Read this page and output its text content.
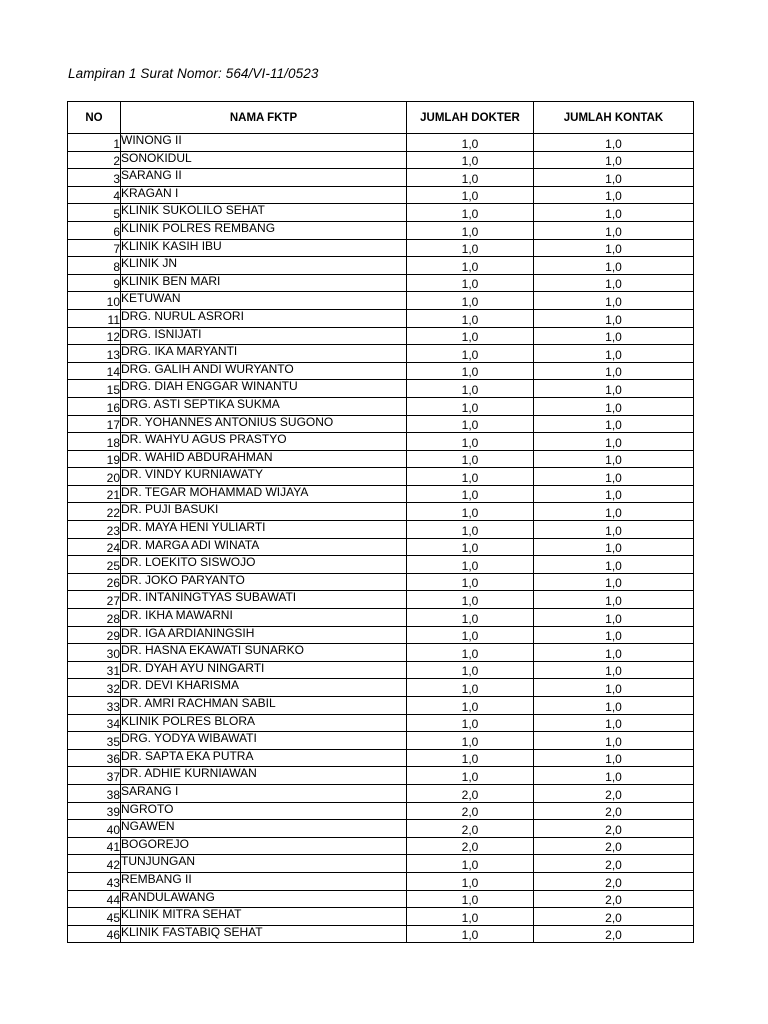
Lampiran 1 Surat Nomor: 564/VI-11/0523
NO	NAMA FKTP	JUMLAH DOKTER	JUMLAH KONTAK
1	WINONG II	1,0	1,0
2	SONOKIDUL	1,0	1,0
3	SARANG II	1,0	1,0
4	KRAGAN I	1,0	1,0
5	KLINIK SUKOLILO SEHAT	1,0	1,0
6	KLINIK POLRES REMBANG	1,0	1,0
7	KLINIK KASIH IBU	1,0	1,0
8	KLINIK JN	1,0	1,0
9	KLINIK BEN MARI	1,0	1,0
10	KETUWAN	1,0	1,0
11	DRG. NURUL ASRORI	1,0	1,0
12	DRG. ISNIJATI	1,0	1,0
13	DRG. IKA MARYANTI	1,0	1,0
14	DRG. GALIH ANDI WURYANTO	1,0	1,0
15	DRG. DIAH ENGGAR WINANTU	1,0	1,0
16	DRG. ASTI SEPTIKA SUKMA	1,0	1,0
17	DR. YOHANNES ANTONIUS SUGONO	1,0	1,0
18	DR. WAHYU AGUS PRASTYO	1,0	1,0
19	DR. WAHID ABDURAHMAN	1,0	1,0
20	DR. VINDY KURNIAWATY	1,0	1,0
21	DR. TEGAR MOHAMMAD WIJAYA	1,0	1,0
22	DR. PUJI BASUKI	1,0	1,0
23	DR. MAYA HENI YULIARTI	1,0	1,0
24	DR. MARGA ADI WINATA	1,0	1,0
25	DR. LOEKITO SISWOJO	1,0	1,0
26	DR. JOKO PARYANTO	1,0	1,0
27	DR. INTANINGTYAS SUBAWATI	1,0	1,0
28	DR. IKHA MAWARNI	1,0	1,0
29	DR. IGA ARDIANINGSIH	1,0	1,0
30	DR. HASNA EKAWATI SUNARKO	1,0	1,0
31	DR. DYAH AYU NINGARTI	1,0	1,0
32	DR. DEVI KHARISMA	1,0	1,0
33	DR. AMRI RACHMAN SABIL	1,0	1,0
34	KLINIK POLRES BLORA	1,0	1,0
35	DRG. YODYA WIBAWATI	1,0	1,0
36	DR. SAPTA EKA PUTRA	1,0	1,0
37	DR. ADHIE KURNIAWAN	1,0	1,0
38	SARANG I	2,0	2,0
39	NGROTO	2,0	2,0
40	NGAWEN	2,0	2,0
41	BOGOREJO	2,0	2,0
42	TUNJUNGAN	1,0	2,0
43	REMBANG II	1,0	2,0
44	RANDULAWANG	1,0	2,0
45	KLINIK MITRA SEHAT	1,0	2,0
46	KLINIK FASTABIQ SEHAT	1,0	2,0
